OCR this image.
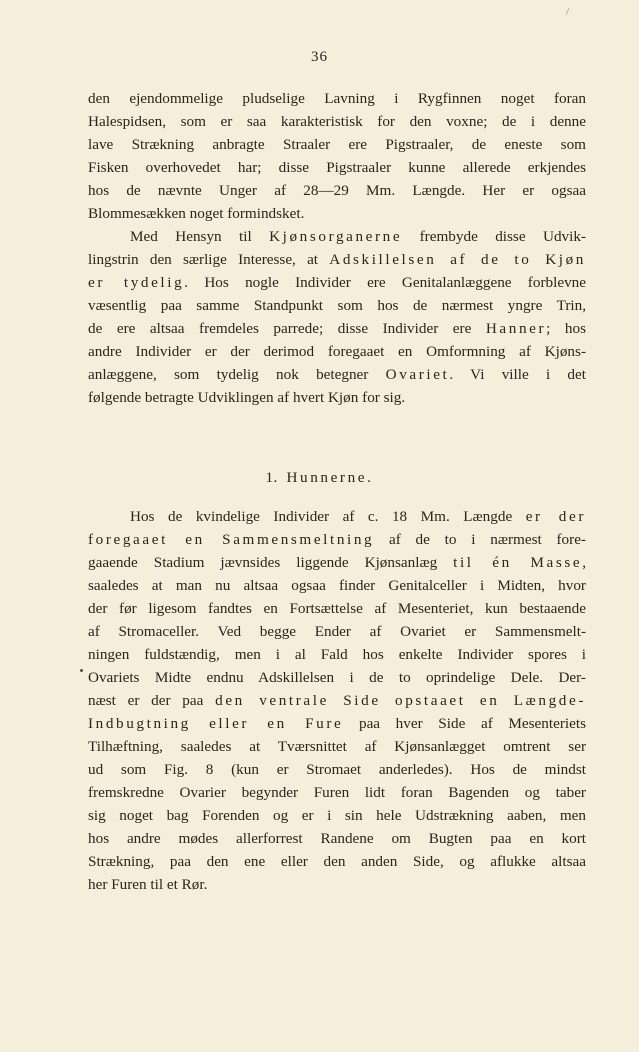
/
36
den ejendommelige pludselige Lavning i Rygfinnen noget foran
Halespidsen, som er saa karakteristisk for den voxne; de i denne
lave Strækning anbragte Straaler ere Pigstraaler, de eneste som
Fisken overhovedet har; disse Pigstraaler kunne allerede erkjendes
hos de nævnte Unger af 28—29 Mm. Længde. Her er ogsaa
Blommesækken noget formindsket.
Med Hensyn til Kjønsorganerne frembyde disse Udvik-
lingstrin den særlige Interesse, at Adskillelsen af de to Kjøn
er tydelig. Hos nogle Individer ere Genitalanlæggene forblevne
væsentlig paa samme Standpunkt som hos de nærmest yngre Trin,
de ere altsaa fremdeles parrede; disse Individer ere Hanner; hos
andre Individer er der derimod foregaaet en Omformning af Kjøns-
anlæggene, som tydelig nok betegner Ovariet. Vi ville i det
følgende betragte Udviklingen af hvert Kjøn for sig.
1. Hunnerne.
Hos de kvindelige Individer af c. 18 Mm. Længde er der
foregaaet en Sammensmeltning af de to i nærmest fore-
gaaende Stadium jævnsides liggende Kjønsanlæg til én Masse,
saaledes at man nu altsaa ogsaa finder Genitalceller i Midten, hvor
der før ligesom fandtes en Fortsættelse af Mesenteriet, kun bestaaende
af Stromaceller. Ved begge Ender af Ovariet er Sammensmelt-
ningen fuldstændig, men i al Fald hos enkelte Individer spores i
Ovariets Midte endnu Adskillelsen i de to oprindelige Dele. Der-
næst er der paa den ventrale Side opstaaet en Længde-
Indbugtning eller en Fure paa hver Side af Mesenteriets
Tilhæftning, saaledes at Tværsnittet af Kjønsanlægget omtrent ser
ud som Fig. 8 (kun er Stromaet anderledes). Hos de mindst
fremskredne Ovarier begynder Furen lidt foran Bagenden og taber
sig noget bag Forenden og er i sin hele Udstrækning aaben, men
hos andre mødes allerforrest Randene om Bugten paa en kort
Strækning, paa den ene eller den anden Side, og aflukke altsaa
her Furen til et Rør.
